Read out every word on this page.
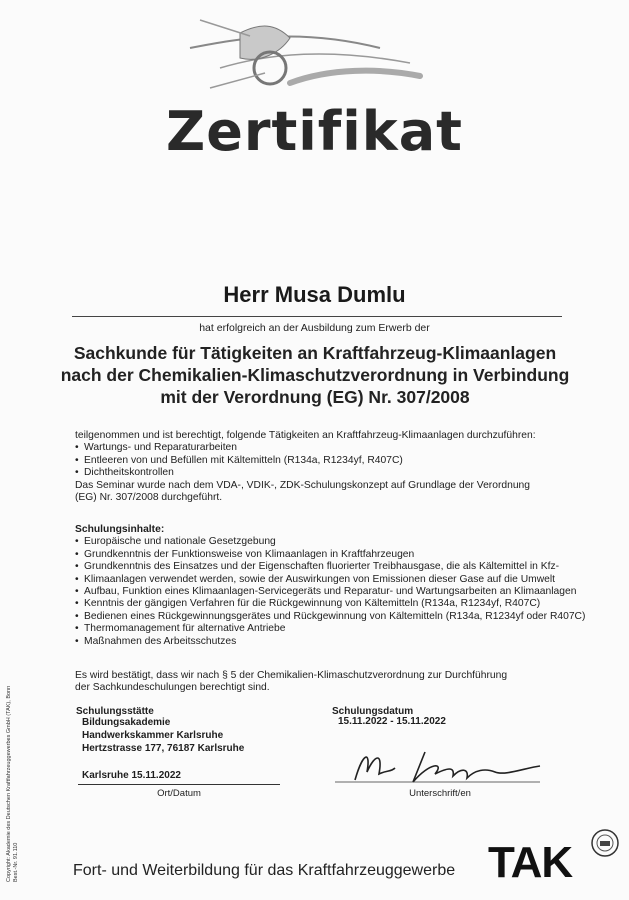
Zertifikat
Herr Musa Dumlu
hat erfolgreich an der Ausbildung zum Erwerb der
Sachkunde für Tätigkeiten an Kraftfahrzeug-Klimaanlagen
nach der Chemikalien-Klimaschutzverordnung in Verbindung
mit der Verordnung (EG) Nr. 307/2008
teilgenommen und ist berechtigt, folgende Tätigkeiten an Kraftfahrzeug-Klimaanlagen durchzuführen:
• Wartungs- und Reparaturarbeiten
• Entleeren von und Befüllen mit Kältemitteln (R134a, R1234yf, R407C)
• Dichtheitskontrollen
Das Seminar wurde nach dem VDA-, VDIK-, ZDK-Schulungskonzept auf Grundlage der Verordnung
(EG) Nr. 307/2008 durchgeführt.
Schulungsinhalte:
• Europäische und nationale Gesetzgebung
• Grundkenntnis der Funktionsweise von Klimaanlagen in Kraftfahrzeugen
• Grundkenntnis des Einsatzes und der Eigenschaften fluorierter Treibhausgase, die als Kältemittel in Kfz-
• Klimaanlagen verwendet werden, sowie der Auswirkungen von Emissionen dieser Gase auf die Umwelt
• Aufbau, Funktion eines Klimaanlagen-Servicegeräts und Reparatur- und Wartungsarbeiten an Klimaanlagen
• Kenntnis der gängigen Verfahren für die Rückgewinnung von Kältemitteln (R134a, R1234yf, R407C)
• Bedienen eines Rückgewinnungsgerätes und Rückgewinnung von Kältemitteln (R134a, R1234yf oder R407C)
• Thermomanagement für alternative Antriebe
• Maßnahmen des Arbeitsschutzes
Es wird bestätigt, dass wir nach § 5 der Chemikalien-Klimaschutzverordnung zur Durchführung
der Sachkundeschulungen berechtigt sind.
Schulungsstätte
Bildungsakademie
Handwerkskammer Karlsruhe
Hertzstrasse 177, 76187 Karlsruhe
Schulungsdatum
15.11.2022 - 15.11.2022
Karlsruhe 15.11.2022
Ort/Datum	Unterschrift/en
Copyright: Akademie des Deutschen Kraftfahrzeuggewerbes GmbH (TAK), Bonn Best.-Nr. 91.110	Fort- und Weiterbildung für das Kraftfahrzeuggewerbe TAK
